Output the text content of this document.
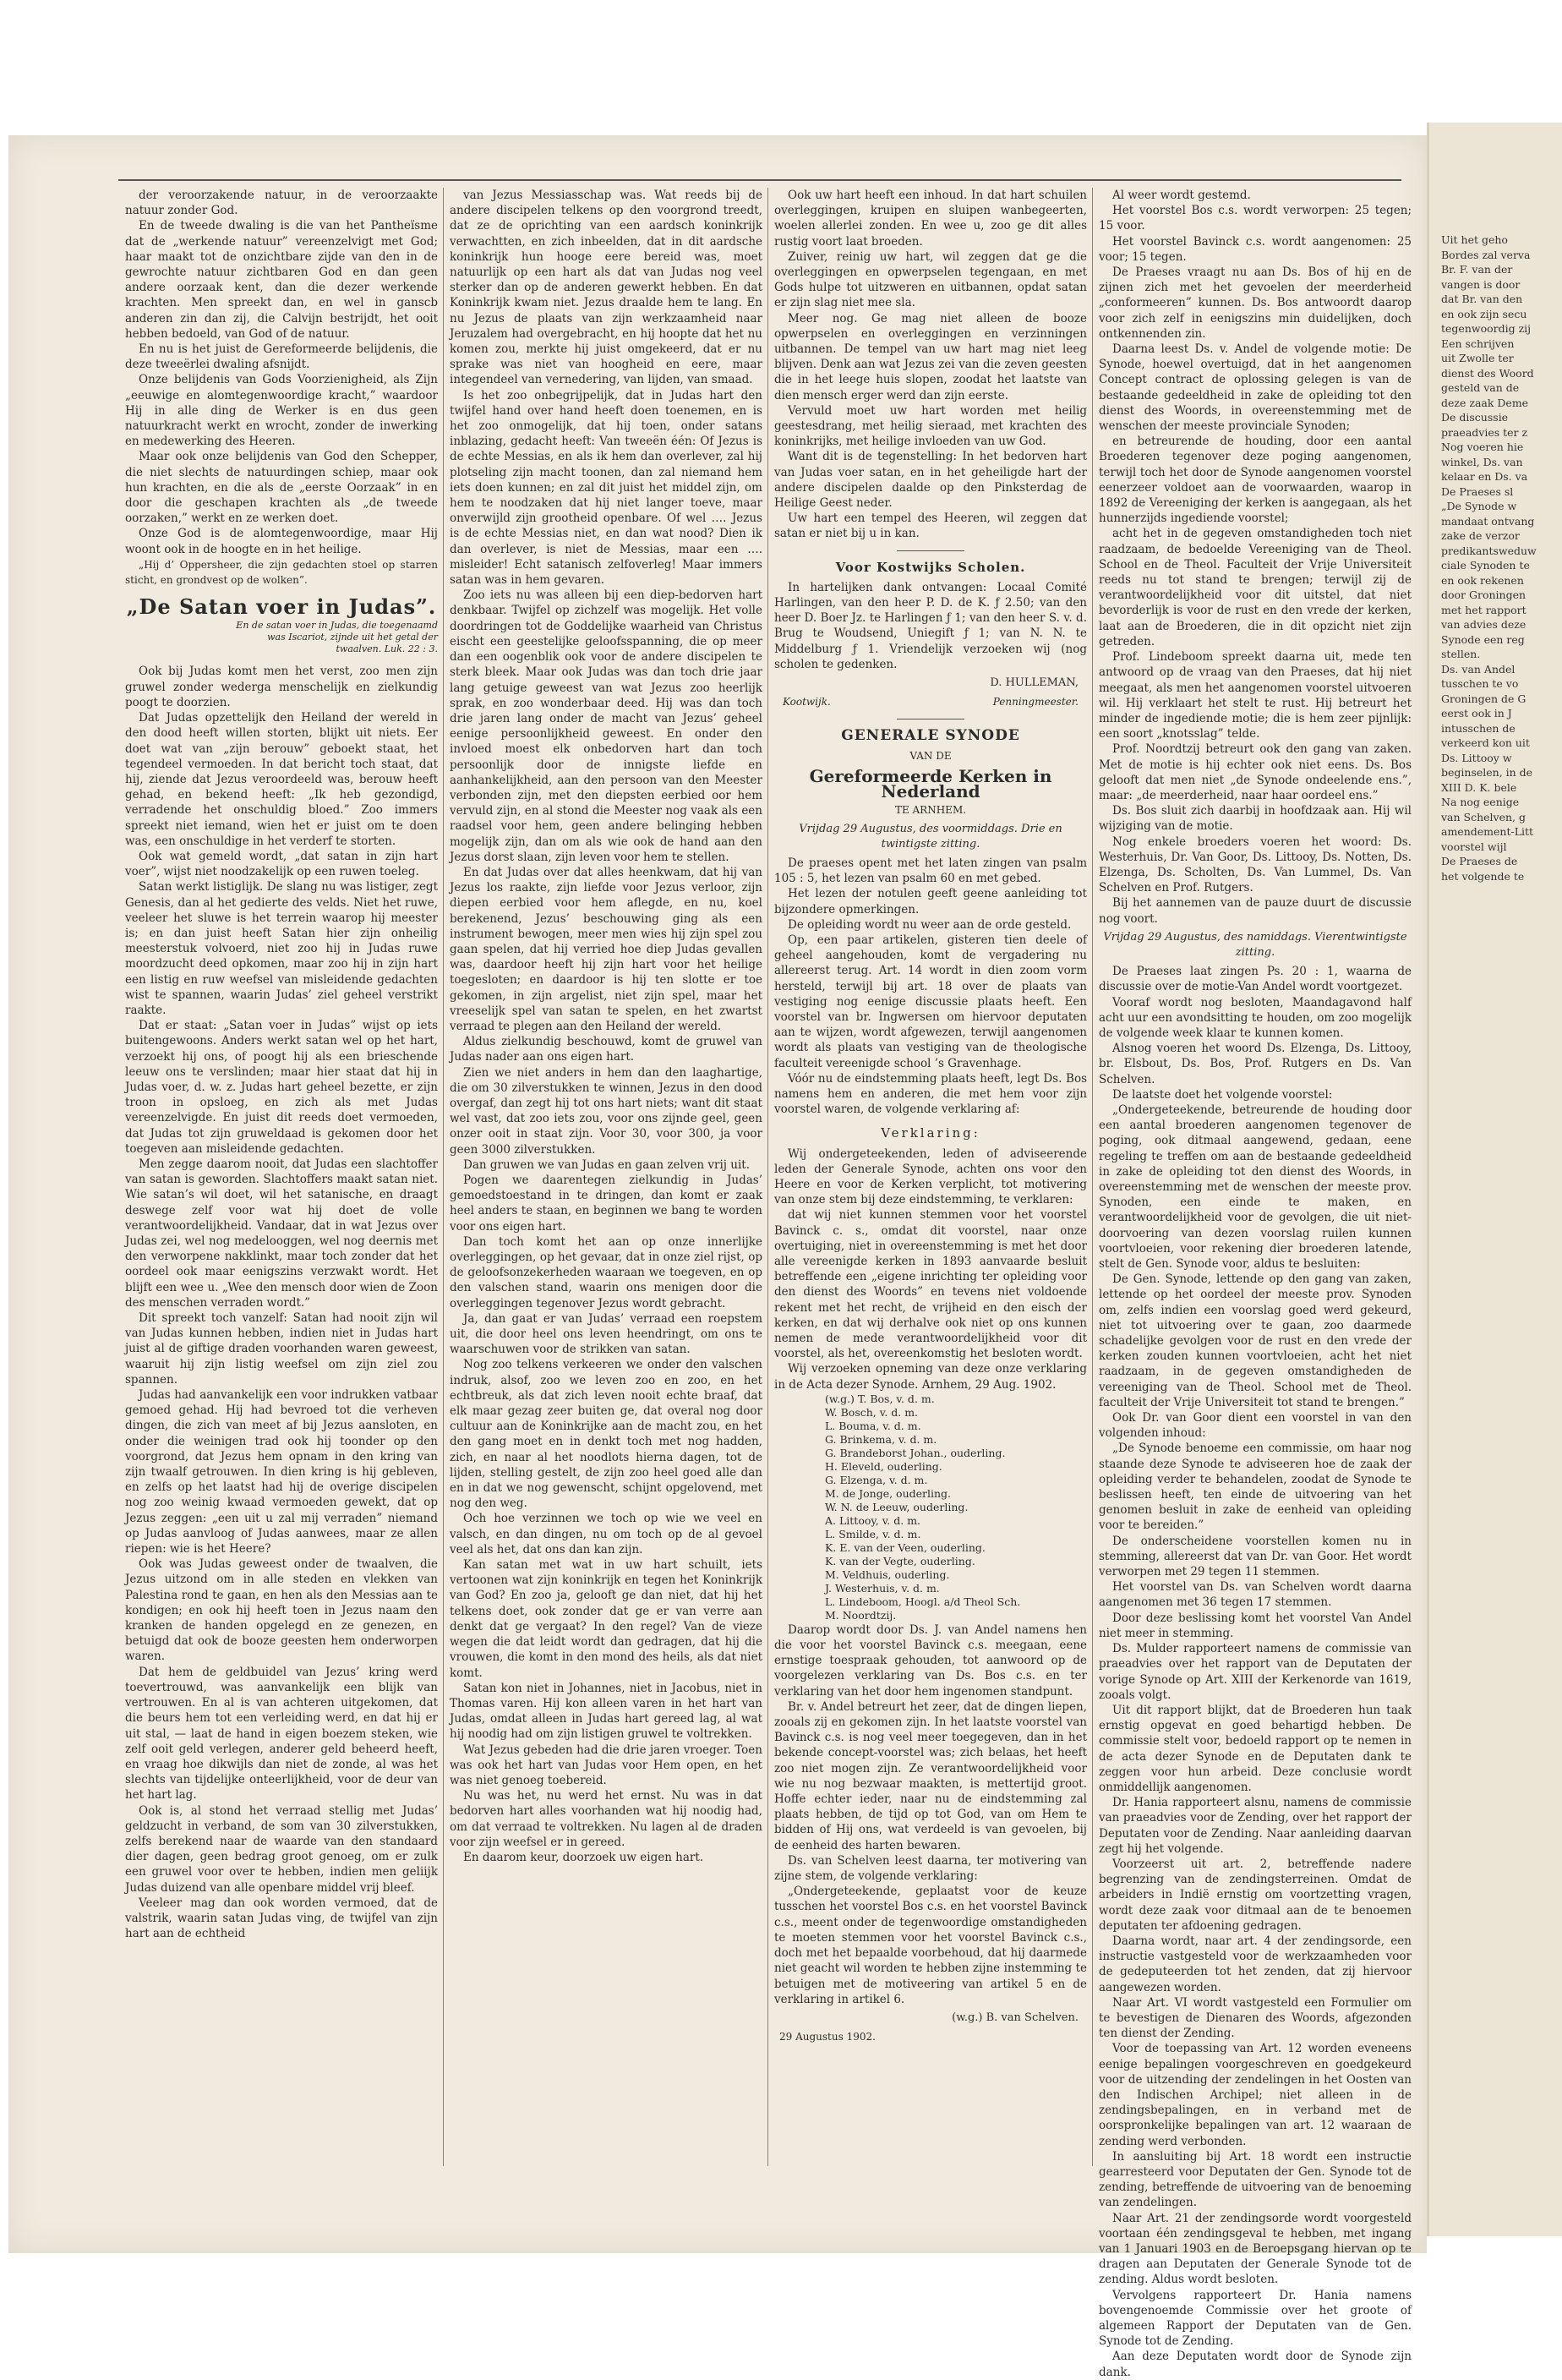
der veroorzakende natuur, in de veroorzaakte natuur zonder God.

En de tweede dwaling is die van het Pantheïsme dat de „werkende natuur” vereenzelvigt met God; haar maakt tot de onzichtbare zijde van den in de gewrochte natuur zichtbaren God en dan geen andere oorzaak kent, dan die dezer werkende krachten. Men spreekt dan, en wel in ganscb anderen zin dan zij, die Calvijn bestrijdt, het ooit hebben bedoeld, van God of de natuur.

En nu is het juist de Gereformeerde belijdenis, die deze tweeërlei dwaling afsnijdt.

Onze belijdenis van Gods Voorzienigheid, als Zijn „eeuwige en alomtegenwoordige kracht,” waardoor Hij in alle ding de Werker is en dus geen natuurkracht werkt en wrocht, zonder de inwerking en medewerking des Heeren.

Maar ook onze belijdenis van God den Schepper, die niet slechts de natuurdingen schiep, maar ook hun krachten, en die als de „eerste Oorzaak” in en door die geschapen krachten als „de tweede oorzaken,” werkt en ze werken doet.

Onze God is de alomtegenwoordige, maar Hij woont ook in de hoogte en in het heilige.

„Hij d’ Oppersheer, die zijn gedachten stoel op starren sticht, en grondvest op de wolken”.

„De Satan voer in Judas”.
En de satan voer in Judas, die toegenaamd was Iscariot, zijnde uit het getal der twaalven. Luk. 22 : 3.

Ook bij Judas komt men het verst, zoo men zijn gruwel zonder wederga menschelijk en zielkundig poogt te doorzien.

Dat Judas opzettelijk den Heiland der wereld in den dood heeft willen storten, blijkt uit niets. Eer doet wat van „zijn berouw” geboekt staat, het tegendeel vermoeden. In dat bericht toch staat, dat hij, ziende dat Jezus veroordeeld was, berouw heeft gehad, en bekend heeft: „Ik heb gezondigd, verradende het onschuldig bloed.” Zoo immers spreekt niet iemand, wien het er juist om te doen was, een onschuldige in het verderf te storten.

Ook wat gemeld wordt, „dat satan in zijn hart voer”, wijst niet noodzakelijk op een ruwen toeleg.

Satan werkt listiglijk. De slang nu was listiger, zegt Genesis, dan al het gedierte des velds. Niet het ruwe, veeleer het sluwe is het terrein waarop hij meester is; en dan juist heeft Satan hier zijn onheilig meesterstuk volvoerd, niet zoo hij in Judas ruwe moordzucht deed opkomen, maar zoo hij in zijn hart een listig en ruw weefsel van misleidende gedachten wist te spannen, waarin Judas’ ziel geheel verstrikt raakte.

Dat er staat: „Satan voer in Judas” wijst op iets buitengewoons. Anders werkt satan wel op het hart, verzoekt hij ons, of poogt hij als een brieschende leeuw ons te verslinden; maar hier staat dat hij in Judas voer, d. w. z. Judas hart geheel bezette, er zijn troon in opsloeg, en zich als met Judas vereenzelvigde. En juist dit reeds doet vermoeden, dat Judas tot zijn gruweldaad is gekomen door het toegeven aan misleidende gedachten.

Men zegge daarom nooit, dat Judas een slachtoffer van satan is geworden. Slachtoffers maakt satan niet. Wie satan’s wil doet, wil het satanische, en draagt deswege zelf voor wat hij doet de volle verantwoordelijkheid. Vandaar, dat in wat Jezus over Judas zei, wel nog medelooggen, wel nog deernis met den verworpene nakklinkt, maar toch zonder dat het oordeel ook maar eenigszins verzwakt wordt. Het blijft een wee u. „Wee den mensch door wien de Zoon des menschen verraden wordt.”

Dit spreekt toch vanzelf: Satan had nooit zijn wil van Judas kunnen hebben, indien niet in Judas hart juist al de giftige draden voorhanden waren geweest, waaruit hij zijn listig weefsel om zijn ziel zou spannen.

Judas had aanvankelijk een voor indrukken vatbaar gemoed gehad. Hij had bevroed tot die verheven dingen, die zich van meet af bij Jezus aansloten, en onder die weinigen trad ook hij toonder op den voorgrond, dat Jezus hem opnam in den kring van zijn twaalf getrouwen. In dien kring is hij gebleven, en zelfs op het laatst had hij de overige discipelen nog zoo weinig kwaad vermoeden gewekt, dat op Jezus zeggen: „een uit u zal mij verraden” niemand op Judas aanvloog of Judas aanwees, maar ze allen riepen: wie is het Heere?

Ook was Judas geweest onder de twaalven, die Jezus uitzond om in alle steden en vlekken van Palestina rond te gaan, en hen als den Messias aan te kondigen; en ook hij heeft toen in Jezus naam den kranken de handen opgelegd en ze genezen, en betuigd dat ook de booze geesten hem onderworpen waren.

Dat hem de geldbuidel van Jezus’ kring werd toevertrouwd, was aanvankelijk een blijk van vertrouwen. En al is van achteren uitgekomen, dat die beurs hem tot een verleiding werd, en dat hij er uit stal, — laat de hand in eigen boezem steken, wie zelf ooit geld verlegen, anderer geld beheerd heeft, en vraag hoe dikwijls dan niet de zonde, al was het slechts van tijdelijke onteerlijkheid, voor de deur van het hart lag.

Ook is, al stond het verraad stellig met Judas’ geldzucht in verband, de som van 30 zilverstukken, zelfs berekend naar de waarde van den standaard dier dagen, geen bedrag groot genoeg, om er zulk een gruwel voor over te hebben, indien men geliijk Judas duizend van alle openbare middel vrij bleef.

Veeleer mag dan ook worden vermoed, dat de valstrik, waarin satan Judas ving, de twijfel van zijn hart aan de echtheid

van Jezus Messiasschap was. Wat reeds bij de andere discipelen telkens op den voorgrond treedt, dat ze de oprichting van een aardsch koninkrijk verwachtten, en zich inbeelden, dat in dit aardsche koninkrijk hun hooge eere bereid was, moet natuurlijk op een hart als dat van Judas nog veel sterker dan op de anderen gewerkt hebben. En dat Koninkrijk kwam niet. Jezus draalde hem te lang. En nu Jezus de plaats van zijn werkzaamheid naar Jeruzalem had overgebracht, en hij hoopte dat het nu komen zou, merkte hij juist omgekeerd, dat er nu sprake was niet van hoogheid en eere, maar integendeel van vernedering, van lijden, van smaad.

Is het zoo onbegrijpelijk, dat in Judas hart den twijfel hand over hand heeft doen toenemen, en is het zoo onmogelijk, dat hij toen, onder satans inblazing, gedacht heeft: Van tweeën één: Of Jezus is de echte Messias, en als ik hem dan overlever, zal hij plotseling zijn macht toonen, dan zal niemand hem iets doen kunnen; en zal dit juist het middel zijn, om hem te noodzaken dat hij niet langer toeve, maar onverwijld zijn grootheid openbare. Of wel …. Jezus is de echte Messias niet, en dan wat nood? Dien ik dan overlever, is niet de Messias, maar een …. misleider! Echt satanisch zelfoverleg! Maar immers satan was in hem gevaren.

Zoo iets nu was alleen bij een diep-bedorven hart denkbaar. Twijfel op zichzelf was mogelijk. Het volle doordringen tot de Goddelijke waarheid van Christus eischt een geestelijke geloofsspanning, die op meer dan een oogenblik ook voor de andere discipelen te sterk bleek. Maar ook Judas was dan toch drie jaar lang getuige geweest van wat Jezus zoo heerlijk sprak, en zoo wonderbaar deed. Hij was dan toch drie jaren lang onder de macht van Jezus’ geheel eenige persoonlijkheid geweest. En onder den invloed moest elk onbedorven hart dan toch persoonlijk door de innigste liefde en aanhankelijkheid, aan den persoon van den Meester verbonden zijn, met den diepsten eerbied oor hem vervuld zijn, en al stond die Meester nog vaak als een raadsel voor hem, geen andere belinging hebben mogelijk zijn, dan om als wie ook de hand aan den Jezus dorst slaan, zijn leven voor hem te stellen.

En dat Judas over dat alles heenkwam, dat hij van Jezus los raakte, zijn liefde voor Jezus verloor, zijn diepen eerbied voor hem aflegde, en nu, koel berekenend, Jezus’ beschouwing ging als een instrument bewogen, meer men wies hij zijn spel zou gaan spelen, dat hij verried hoe diep Judas gevallen was, daardoor heeft hij zijn hart voor het heilige toegesloten; en daardoor is hij ten slotte er toe gekomen, in zijn argelist, niet zijn spel, maar het vreeselijk spel van satan te spelen, en het zwartst verraad te plegen aan den Heiland der wereld.

Aldus zielkundig beschouwd, komt de gruwel van Judas nader aan ons eigen hart.

Zien we niet anders in hem dan den laaghartige, die om 30 zilverstukken te winnen, Jezus in den dood overgaf, dan zegt hij tot ons hart niets; want dit staat wel vast, dat zoo iets zou, voor ons zijnde geel, geen onzer ooit in staat zijn. Voor 30, voor 300, ja voor geen 3000 zilverstukken.

Dan gruwen we van Judas en gaan zelven vrij uit.

Pogen we daarentegen zielkundig in Judas’ gemoedstoestand in te dringen, dan komt er zaak heel anders te staan, en beginnen we bang te worden voor ons eigen hart.

Dan toch komt het aan op onze innerlijke overleggingen, op het gevaar, dat in onze ziel rijst, op de geloofsonzekerheden waaraan we toegeven, en op den valschen stand, waarin ons menigen door die overleggingen tegenover Jezus wordt gebracht.

Ja, dan gaat er van Judas’ verraad een roepstem uit, die door heel ons leven heendringt, om ons te waarschuwen voor de strikken van satan.

Nog zoo telkens verkeeren we onder den valschen indruk, alsof, zoo we leven zoo en zoo, en het echtbreuk, als dat zich leven nooit echte braaf, dat elk maar gezag zeer buiten ge, dat overal nog door cultuur aan de Koninkrijke aan de macht zou, en het den gang moet en in denkt toch met nog hadden, zich, en naar al het noodlots hierna dagen, tot de lijden, stelling gestelt, de zijn zoo heel goed alle dan en in dat we nog gewenscht, schijnt opgelovend, met nog den weg.

Och hoe verzinnen we toch op wie we veel en valsch, en dan dingen, nu om toch op de al gevoel veel als het, dat ons dan kan zijn.

Kan satan met wat in uw hart schuilt, iets vertoonen wat zijn koninkrijk en tegen het Koninkrijk van God? En zoo ja, gelooft ge dan niet, dat hij het telkens doet, ook zonder dat ge er van verre aan denkt dat ge vergaat? In den regel? Van de vieze wegen die dat leidt wordt dan gedragen, dat hij die vrouwen, die komt in den mond des heils, als dat niet komt.

Satan kon niet in Johannes, niet in Jacobus, niet in Thomas varen. Hij kon alleen varen in het hart van Judas, omdat alleen in Judas hart gereed lag, al wat hij noodig had om zijn listigen gruwel te voltrekken.

Wat Jezus gebeden had die drie jaren vroeger. Toen was ook het hart van Judas voor Hem open, en het was niet genoeg toebereid.

Nu was het, nu werd het ernst. Nu was in dat bedorven hart alles voorhanden wat hij noodig had, om dat verraad te voltrekken. Nu lagen al de draden voor zijn weefsel er in gereed.

En daarom keur, doorzoek uw eigen hart.

Ook uw hart heeft een inhoud. In dat hart schuilen overleggingen, kruipen en sluipen wanbegeerten, woelen allerlei zonden. En wee u, zoo ge dit alles rustig voort laat broeden.

Zuiver, reinig uw hart, wil zeggen dat ge die overleggingen en opwerpselen tegengaan, en met Gods hulpe tot uitzweren en uitbannen, opdat satan er zijn slag niet mee sla.

Meer nog. Ge mag niet alleen de booze opwerpselen en overleggingen en verzinningen uitbannen. De tempel van uw hart mag niet leeg blijven. Denk aan wat Jezus zei van die zeven geesten die in het leege huis slopen, zoodat het laatste van dien mensch erger werd dan zijn eerste.

Vervuld moet uw hart worden met heilig geestesdrang, met heilig sieraad, met krachten des koninkrijks, met heilige invloeden van uw God.

Want dit is de tegenstelling: In het bedorven hart van Judas voer satan, en in het geheiligde hart der andere discipelen daalde op den Pinksterdag de Heilige Geest neder.

Uw hart een tempel des Heeren, wil zeggen dat satan er niet bij u in kan.

Voor Kostwijks Scholen.

In hartelijken dank ontvangen: Locaal Comité Harlingen, van den heer P. D. de K. ƒ 2.50; van den heer D. Boer Jz. te Harlingen ƒ 1; van den heer S. v. d. Brug te Woudsend, Uniegift ƒ 1; van N. N. te Middelburg ƒ 1. Vriendelijk verzoeken wij (nog scholen te gedenken.

D. HULLEMAN,
Kootwijk.	Penningmeester.
GENERALE SYNODE
VAN DE
Gereformeerde Kerken in Nederland
TE ARNHEM.
Vrijdag 29 Augustus, des voormiddags. Drie en twintigste zitting.

De praeses opent met het laten zingen van psalm 105 : 5, het lezen van psalm 60 en met gebed.

Het lezen der notulen geeft geene aanleiding tot bijzondere opmerkingen.

De opleiding wordt nu weer aan de orde gesteld.

Op, een paar artikelen, gisteren tien deele of geheel aangehouden, komt de vergadering nu allereerst terug. Art. 14 wordt in dien zoom vorm hersteld, terwijl bij art. 18 over de plaats van vestiging nog eenige discussie plaats heeft. Een voorstel van br. Ingwersen om hiervoor deputaten aan te wijzen, wordt afgewezen, terwijl aangenomen wordt als plaats van vestiging van de theologische faculteit vereenigde school ’s Gravenhage.

Vóór nu de eindstemming plaats heeft, legt Ds. Bos namens hem en anderen, die met hem voor zijn voorstel waren, de volgende verklaring af:

Verklaring:

Wij ondergeteekenden, leden of adviseerende leden der Generale Synode, achten ons voor den Heere en voor de Kerken verplicht, tot motivering van onze stem bij deze eindstemming, te verklaren:

dat wij niet kunnen stemmen voor het voorstel Bavinck c. s., omdat dit voorstel, naar onze overtuiging, niet in overeenstemming is met het door alle vereenigde kerken in 1893 aanvaarde besluit betreffende een „eigene inrichting ter opleiding voor den dienst des Woords” en tevens niet voldoende rekent met het recht, de vrijheid en den eisch der kerken, en dat wij derhalve ook niet op ons kunnen nemen de mede verantwoordelijkheid voor dit voorstel, als het, overeenkomstig het besloten wordt.

Wij verzoeken opneming van deze onze verklaring in de Acta dezer Synode. Arnhem, 29 Aug. 1902.

(w.g.) T. Bos, v. d. m.
W. Bosch, v. d. m.
L. Bouma, v. d. m.
G. Brinkema, v. d. m.
G. Brandeborst Johan., ouderling.
H. Eleveld, ouderling.
G. Elzenga, v. d. m.
M. de Jonge, ouderling.
W. N. de Leeuw, ouderling.
A. Littooy, v. d. m.
L. Smilde, v. d. m.
K. E. van der Veen, ouderling.
K. van der Vegte, ouderling.
M. Veldhuis, ouderling.
J. Westerhuis, v. d. m.
L. Lindeboom, Hoogl. a/d Theol Sch.
M. Noordtzij.

Daarop wordt door Ds. J. van Andel namens hen die voor het voorstel Bavinck c.s. meegaan, eene ernstige toespraak gehouden, tot aanwoord op de voorgelezen verklaring van Ds. Bos c.s. en ter verklaring van het door hem ingenomen standpunt.

Br. v. Andel betreurt het zeer, dat de dingen liepen, zooals zij en gekomen zijn. In het laatste voorstel van Bavinck c.s. is nog veel meer toegegeven, dan in het bekende concept-voorstel was; zich belaas, het heeft zoo niet mogen zijn. Ze verantwoordelijkheid voor wie nu nog bezwaar maakten, is mettertijd groot. Hoffe echter ieder, naar nu de eindstemming zal plaats hebben, de tijd op tot God, van om Hem te bidden of Hij ons, wat verdeeld is van gevoelen, bij de eenheid des harten bewaren.

Ds. van Schelven leest daarna, ter motivering van zijne stem, de volgende verklaring:

„Ondergeteekende, geplaatst voor de keuze tusschen het voorstel Bos c.s. en het voorstel Bavinck c.s., meent onder de tegenwoordige omstandigheden te moeten stemmen voor het voorstel Bavinck c.s., doch met het bepaalde voorbehoud, dat hij daarmede niet geacht wil worden te hebben zijne instemming te betuigen met de motiveering van artikel 5 en de verklaring in artikel 6.

(w.g.) B. van Schelven.
29 Augustus 1902.

Al weer wordt gestemd.

Het voorstel Bos c.s. wordt verworpen: 25 tegen; 15 voor.

Het voorstel Bavinck c.s. wordt aangenomen: 25 voor; 15 tegen.

De Praeses vraagt nu aan Ds. Bos of hij en de zijnen zich met het gevoelen der meerderheid „conformeeren” kunnen. Ds. Bos antwoordt daarop voor zich zelf in eenigszins min duidelijken, doch ontkennenden zin.

Daarna leest Ds. v. Andel de volgende motie: De Synode, hoewel overtuigd, dat in het aangenomen Concept contract de oplossing gelegen is van de bestaande gedeeldheid in zake de opleiding tot den dienst des Woords, in overeenstemming met de wenschen der meeste provinciale Synoden;

en betreurende de houding, door een aantal Broederen tegenover deze poging aangenomen, terwijl toch het door de Synode aangenomen voorstel eenerzeer voldoet aan de voorwaarden, waarop in 1892 de Vereeniging der kerken is aangegaan, als het hunnerzijds ingediende voorstel;

acht het in de gegeven omstandigheden toch niet raadzaam, de bedoelde Vereeniging van de Theol. School en de Theol. Faculteit der Vrije Universiteit reeds nu tot stand te brengen; terwijl zij de verantwoordelijkheid voor dit uitstel, dat niet bevorderlijk is voor de rust en den vrede der kerken, laat aan de Broederen, die in dit opzicht niet zijn getreden.

Prof. Lindeboom spreekt daarna uit, mede ten antwoord op de vraag van den Praeses, dat hij niet meegaat, als men het aangenomen voorstel uitvoeren wil. Hij verklaart het stelt te rust. Hij betreurt het minder de ingediende motie; die is hem zeer pijnlijk: een soort „knotsslag” telde.

Prof. Noordtzij betreurt ook den gang van zaken. Met de motie is hij echter ook niet eens. Ds. Bos gelooft dat men niet „de Synode ondeelende ens.”, maar: „de meerderheid, naar haar oordeel ens.”

Ds. Bos sluit zich daarbij in hoofdzaak aan. Hij wil wijziging van de motie.

Nog enkele broeders voeren het woord: Ds. Westerhuis, Dr. Van Goor, Ds. Littooy, Ds. Notten, Ds. Elzenga, Ds. Scholten, Ds. Van Lummel, Ds. Van Schelven en Prof. Rutgers.

Bij het aannemen van de pauze duurt de discussie nog voort.

Vrijdag 29 Augustus, des namiddags. Vierentwintigste zitting.

De Praeses laat zingen Ps. 20 : 1, waarna de discussie over de motie-Van Andel wordt voortgezet.

Vooraf wordt nog besloten, Maandagavond half acht uur een avondsitting te houden, om zoo mogelijk de volgende week klaar te kunnen komen.

Alsnog voeren het woord Ds. Elzenga, Ds. Littooy, br. Elsbout, Ds. Bos, Prof. Rutgers en Ds. Van Schelven.

De laatste doet het volgende voorstel:

„Ondergeteekende, betreurende de houding door een aantal broederen aangenomen tegenover de poging, ook ditmaal aangewend, gedaan, eene regeling te treffen om aan de bestaande gedeeldheid in zake de opleiding tot den dienst des Woords, in overeenstemming met de wenschen der meeste prov. Synoden, een einde te maken, en verantwoordelijkheid voor de gevolgen, die uit niet-doorvoering van dezen voorslag ruilen kunnen voortvloeien, voor rekening dier broederen latende, stelt de Gen. Synode voor, aldus te besluiten:

De Gen. Synode, lettende op den gang van zaken, lettende op het oordeel der meeste prov. Synoden om, zelfs indien een voorslag goed werd gekeurd, niet tot uitvoering over te gaan, zoo daarmede schadelijke gevolgen voor de rust en den vrede der kerken zouden kunnen voortvloeien, acht het niet raadzaam, in de gegeven omstandigheden de vereeniging van de Theol. School met de Theol. faculteit der Vrije Universiteit tot stand te brengen.”

Ook Dr. van Goor dient een voorstel in van den volgenden inhoud:

„De Synode benoeme een commissie, om haar nog staande deze Synode te adviseeren hoe de zaak der opleiding verder te behandelen, zoodat de Synode te beslissen heeft, ten einde de uitvoering van het genomen besluit in zake de eenheid van opleiding voor te bereiden.”

De onderscheidene voorstellen komen nu in stemming, allereerst dat van Dr. van Goor. Het wordt verworpen met 29 tegen 11 stemmen.

Het voorstel van Ds. van Schelven wordt daarna aangenomen met 36 tegen 17 stemmen.

Door deze beslissing komt het voorstel Van Andel niet meer in stemming.

Ds. Mulder rapporteert namens de commissie van praeadvies over het rapport van de Deputaten der vorige Synode op Art. XIII der Kerkenorde van 1619, zooals volgt.

Uit dit rapport blijkt, dat de Broederen hun taak ernstig opgevat en goed behartigd hebben. De commissie stelt voor, bedoeld rapport op te nemen in de acta dezer Synode en de Deputaten dank te zeggen voor hun arbeid. Deze conclusie wordt onmiddellijk aangenomen.

Dr. Hania rapporteert alsnu, namens de commissie van praeadvies voor de Zending, over het rapport der Deputaten voor de Zending. Naar aanleiding daarvan zegt hij het volgende.

Voorzeerst uit art. 2, betreffende nadere begrenzing van de zendingsterreinen. Omdat de arbeiders in Indië ernstig om voortzetting vragen, wordt deze zaak voor ditmaal aan de te benoemen deputaten ter afdoening gedragen.

Daarna wordt, naar art. 4 der zendingsorde, een instructie vastgesteld voor de werkzaamheden voor de gedeputeerden tot het zenden, dat zij hiervoor aangewezen worden.

Naar Art. VI wordt vastgesteld een Formulier om te bevestigen de Dienaren des Woords, afgezonden ten dienst der Zending.

Voor de toepassing van Art. 12 worden eveneens eenige bepalingen voorgeschreven en goedgekeurd voor de uitzending der zendelingen in het Oosten van den Indischen Archipel; niet alleen in de zendingsbepalingen, en in verband met de oorspronkelijke bepalingen van art. 12 waaraan de zending werd verbonden.

In aansluiting bij Art. 18 wordt een instructie gearresteerd voor Deputaten der Gen. Synode tot de zending, betreffende de uitvoering van de benoeming van zendelingen.

Naar Art. 21 der zendingsorde wordt voorgesteld voortaan één zendingsgeval te hebben, met ingang van 1 Januari 1903 en de Beroepsgang hiervan op te dragen aan Deputaten der Generale Synode tot de zending. Aldus wordt besloten.

Vervolgens rapporteert Dr. Hania namens bovengenoemde Commissie over het groote of algemeen Rapport der Deputaten van de Gen. Synode tot de Zending.

Aan deze Deputaten wordt door de Synode zijn dank.

Uit het geho
Bordes zal verva
Br. F. van der
vangen is door
dat Br. van den
en ook zijn secu
tegenwoordig zij
Een schrijven
uit Zwolle ter
dienst des Woord
gesteld van de
deze zaak Deme
De discussie
praeadvies ter z
Nog voeren hie
winkel, Ds. van
kelaar en Ds. va
De Praeses sl
„De Synode w
mandaat ontvang
zake de verzor
predikantsweduw
ciale Synoden te
en ook rekenen
door Groningen
met het rapport
van advies deze
Synode een reg
stellen.
Ds. van Andel
tusschen te vo
Groningen de G
eerst ook in J
intusschen de
verkeerd kon uit
Ds. Littooy w
beginselen, in de
XIII D. K. bele
Na nog eenige
van Schelven, g
amendement-Litt
voorstel wijl
De Praeses de
het volgende te
